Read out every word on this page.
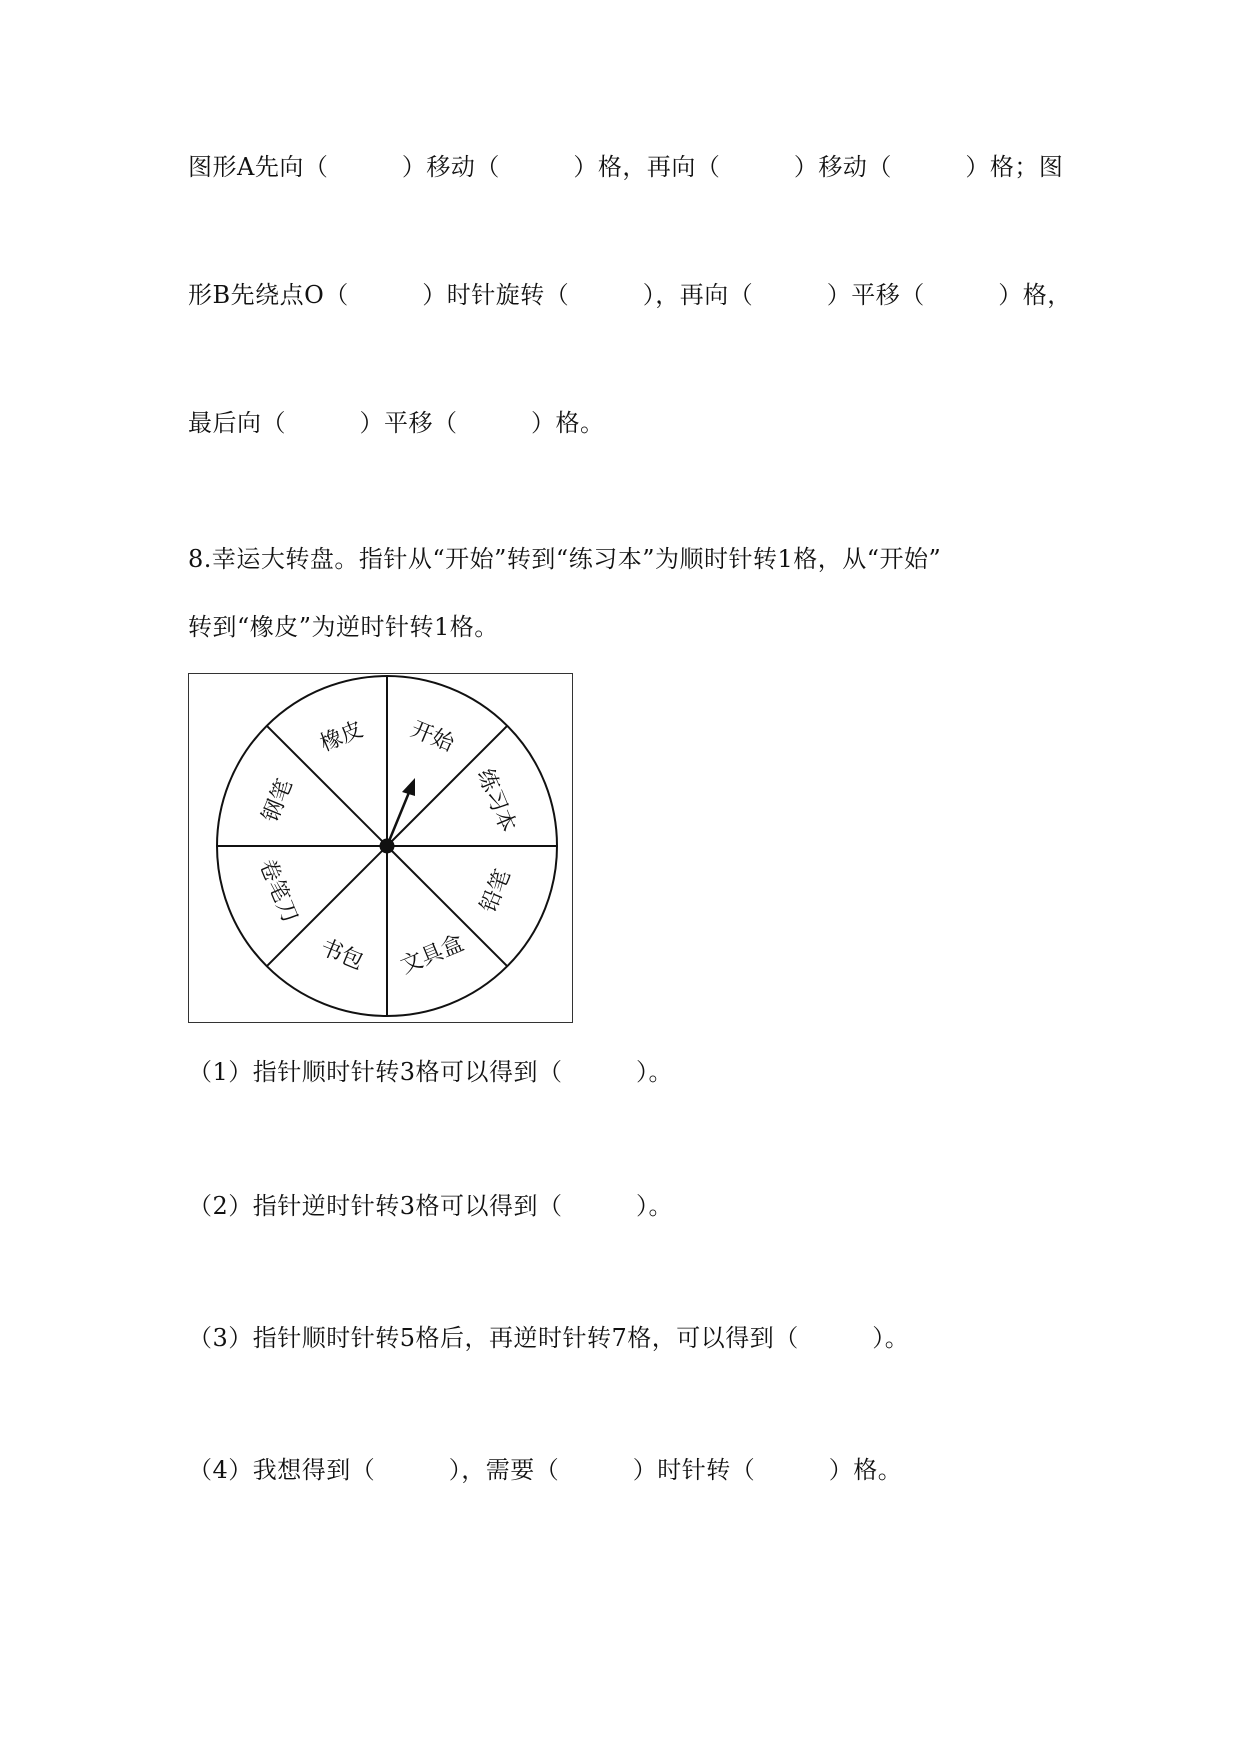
图形A先向（　　　）移动（　　　）格，再向（　　　）移动（　　　）格；图
形B先绕点O（　　　）时针旋转（　　　），再向（　　　）平移（　　　）格，
最后向（　　　）平移（　　　）格。
8.幸运大转盘。指针从“开始”转到“练习本”为顺时针转1格，从“开始”
转到“橡皮”为逆时针转1格。
开始
练习本
铅笔
文具盒
书包
卷笔刀
钢笔
橡皮
（1）指针顺时针转3格可以得到（　　　）。
（2）指针逆时针转3格可以得到（　　　）。
（3）指针顺时针转5格后，再逆时针转7格，可以得到（　　　）。
（4）我想得到（　　　），需要（　　　）时针转（　　　）格。
